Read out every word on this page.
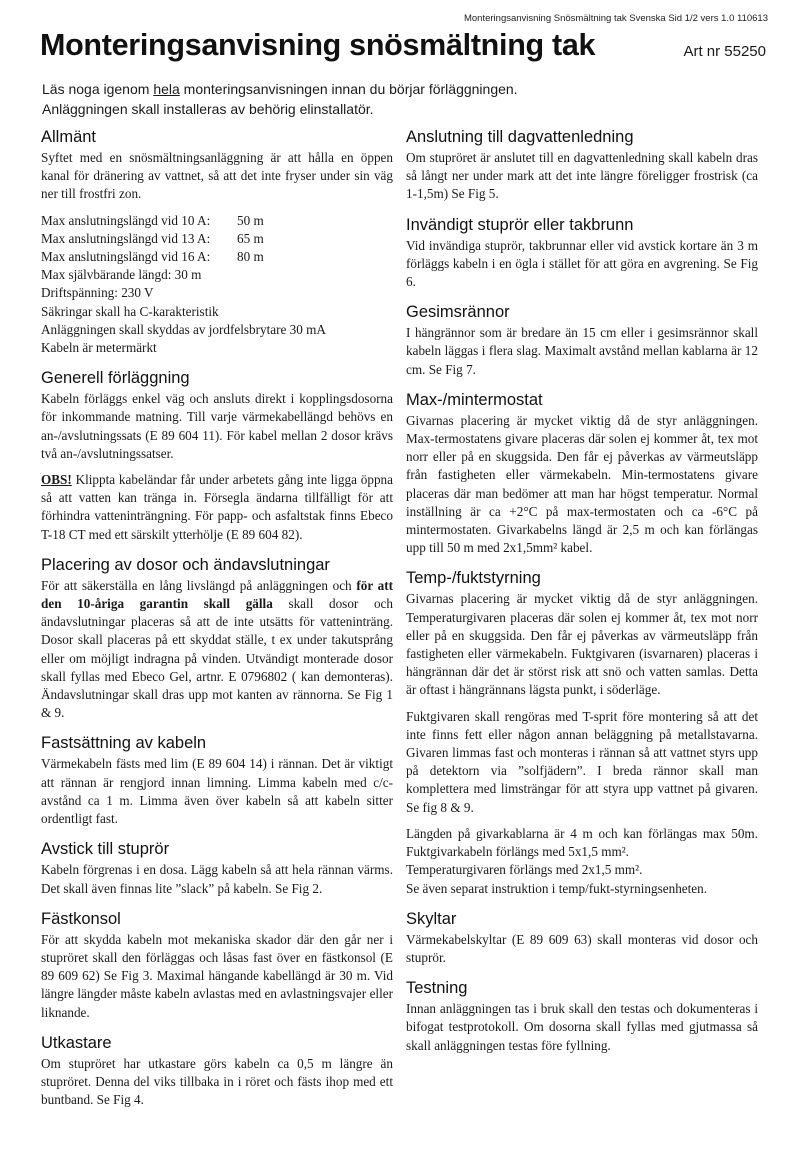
Monteringsanvisning Snösmältning tak Svenska Sid 1/2 vers 1.0 110613
Monteringsanvisning snösmältning tak	Art nr 55250

Läs noga igenom hela monteringsanvisningen innan du börjar förläggningen.

Anläggningen skall installeras av behörig elinstallatör.

Allmänt

Syftet med en snösmältningsanläggning är att hålla en öppen kanal för dränering av vattnet, så att det inte fryser under sin väg ner till frostfri zon.

Max anslutningslängd vid 10 A:	50 m
Max anslutningslängd vid 13 A:	65 m
Max anslutningslängd vid 16 A:	80 m
Max självbärande längd: 30 m
Driftspänning: 230 V
Säkringar skall ha C-karakteristik
Anläggningen skall skyddas av jordfelsbrytare 30 mA
Kabeln är metermärkt
Generell förläggning

Kabeln förläggs enkel väg och ansluts direkt i kopplingsdosorna för inkommande matning. Till varje värmekabellängd behövs en an-/avslutningssats (E 89 604 11). För kabel mellan 2 dosor krävs två an-/avslutningssatser.

OBS! Klippta kabeländar får under arbetets gång inte ligga öppna så att vatten kan tränga in. Försegla ändarna tillfälligt för att förhindra vatteninträngning. För papp- och asfaltstak finns Ebeco T-18 CT med ett särskilt ytterhölje (E 89 604 82).

Placering av dosor och ändavslutningar

För att säkerställa en lång livslängd på anläggningen och för att den 10-åriga garantin skall gälla skall dosor och ändavslutningar placeras så att de inte utsätts för vatteninträng. Dosor skall placeras på ett skyddat ställe, t ex under takutsprång eller om möjligt indragna på vinden. Utvändigt monterade dosor skall fyllas med Ebeco Gel, artnr. E 0796802 ( kan demonteras). Ändavslutningar skall dras upp mot kanten av rännorna. Se Fig 1 & 9.

Fastsättning av kabeln

Värmekabeln fästs med lim (E 89 604 14) i rännan. Det är viktigt att rännan är rengjord innan limning. Limma kabeln med c/c-avstånd ca 1 m. Limma även över kabeln så att kabeln sitter ordentligt fast.

Avstick till stuprör

Kabeln förgrenas i en dosa. Lägg kabeln så att hela rännan värms. Det skall även finnas lite ”slack” på kabeln. Se Fig 2.

Fästkonsol

För att skydda kabeln mot mekaniska skador där den går ner i stupröret skall den förläggas och låsas fast över en fästkonsol (E 89 609 62) Se Fig 3. Maximal hängande kabellängd är 30 m. Vid längre längder måste kabeln avlastas med en avlastningsvajer eller liknande.

Utkastare

Om stupröret har utkastare görs kabeln ca 0,5 m längre än stupröret. Denna del viks tillbaka in i röret och fästs ihop med ett buntband. Se Fig 4.

Anslutning till dagvattenledning

Om stupröret är anslutet till en dagvattenledning skall kabeln dras så långt ner under mark att det inte längre föreligger frostrisk (ca 1-1,5m) Se Fig 5.

Invändigt stuprör eller takbrunn

Vid invändiga stuprör, takbrunnar eller vid avstick kortare än 3 m förläggs kabeln i en ögla i stället för att göra en avgrening. Se Fig 6.

Gesimsrännor

I hängrännor som är bredare än 15 cm eller i gesimsrännor skall kabeln läggas i flera slag. Maximalt avstånd mellan kablarna är 12 cm. Se Fig 7.

Max-/mintermostat

Givarnas placering är mycket viktig då de styr anläggningen. Max-termostatens givare placeras där solen ej kommer åt, tex mot norr eller på en skuggsida. Den får ej påverkas av värmeutsläpp från fastigheten eller värmekabeln. Min-termostatens givare placeras där man bedömer att man har högst temperatur. Normal inställning är ca +2°C på max-termostaten och ca -6°C på mintermostaten. Givarkabelns längd är 2,5 m och kan förlängas upp till 50 m med 2x1,5mm² kabel.

Temp-/fuktstyrning

Givarnas placering är mycket viktig då de styr anläggningen. Temperaturgivaren placeras där solen ej kommer åt, tex mot norr eller på en skuggsida. Den får ej påverkas av värmeutsläpp från fastigheten eller värmekabeln. Fuktgivaren (isvarnaren) placeras i hängrännan där det är störst risk att snö och vatten samlas. Detta är oftast i hängrännans lägsta punkt, i söderläge.

Fuktgivaren skall rengöras med T-sprit före montering så att det inte finns fett eller någon annan beläggning på metallstavarna. Givaren limmas fast och monteras i rännan så att vattnet styrs upp på detektorn via ”solfjädern”. I breda rännor skall man komplettera med limsträngar för att styra upp vattnet på givaren. Se fig 8 & 9.

Längden på givarkablarna är 4 m och kan förlängas max 50m. Fuktgivarkabeln förlängs med 5x1,5 mm².
Temperaturgivaren förlängs med 2x1,5 mm².
Se även separat instruktion i temp/fukt-styrningsenheten.

Skyltar

Värmekabelskyltar (E 89 609 63) skall monteras vid dosor och stuprör.

Testning

Innan anläggningen tas i bruk skall den testas och dokumenteras i bifogat testprotokoll. Om dosorna skall fyllas med gjutmassa så skall anläggningen testas före fyllning.
